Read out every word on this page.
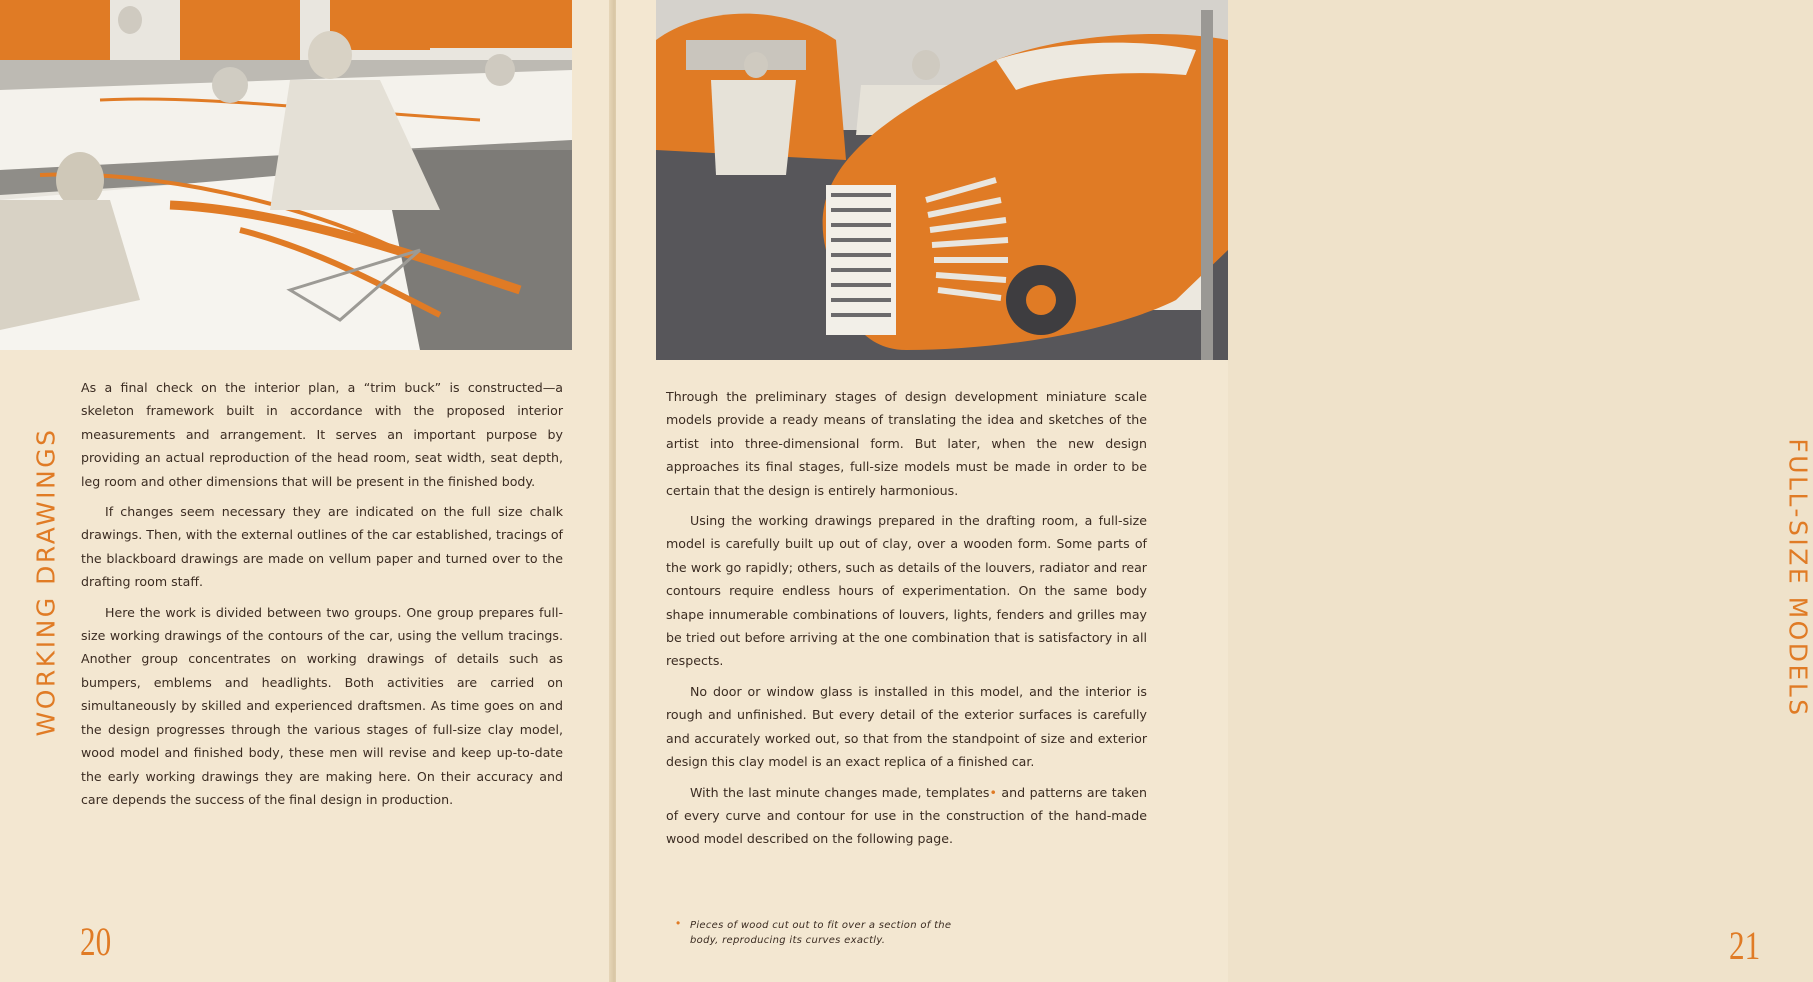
WORKING DRAWINGS

As a final check on the interior plan, a “trim buck” is constructed—a skeleton framework built in accordance with the proposed interior measurements and arrangement. It serves an important purpose by providing an actual reproduction of the head room, seat width, seat depth, leg room and other dimensions that will be present in the finished body.

If changes seem necessary they are indicated on the full size chalk drawings. Then, with the external outlines of the car established, tracings of the blackboard drawings are made on vellum paper and turned over to the drafting room staff.

Here the work is divided between two groups. One group prepares full-size working drawings of the contours of the car, using the vellum tracings. Another group concentrates on working drawings of details such as bumpers, emblems and headlights. Both activities are carried on simultaneously by skilled and experienced draftsmen. As time goes on and the design progresses through the various stages of full-size clay model, wood model and finished body, these men will revise and keep up-to-date the early working drawings they are making here. On their accuracy and care depends the success of the final design in production.

20
FULL-SIZE MODELS
21

Through the preliminary stages of design development miniature scale models provide a ready means of translating the idea and sketches of the artist into three-dimensional form. But later, when the new design approaches its final stages, full-size models must be made in order to be certain that the design is entirely harmonious.

Using the working drawings prepared in the drafting room, a full-size model is carefully built up out of clay, over a wooden form. Some parts of the work go rapidly; others, such as details of the louvers, radiator and rear contours require endless hours of experimentation. On the same body shape innumerable combinations of louvers, lights, fenders and grilles may be tried out before arriving at the one combination that is satisfactory in all respects.

No door or window glass is installed in this model, and the interior is rough and unfinished. But every detail of the exterior surfaces is carefully and accurately worked out, so that from the standpoint of size and exterior design this clay model is an exact replica of a finished car.

With the last minute changes made, templates• and patterns are taken of every curve and contour for use in the construction of the hand-made wood model described on the following page.

• Pieces of wood cut out to fit over a section of the body, reproducing its curves exactly.
